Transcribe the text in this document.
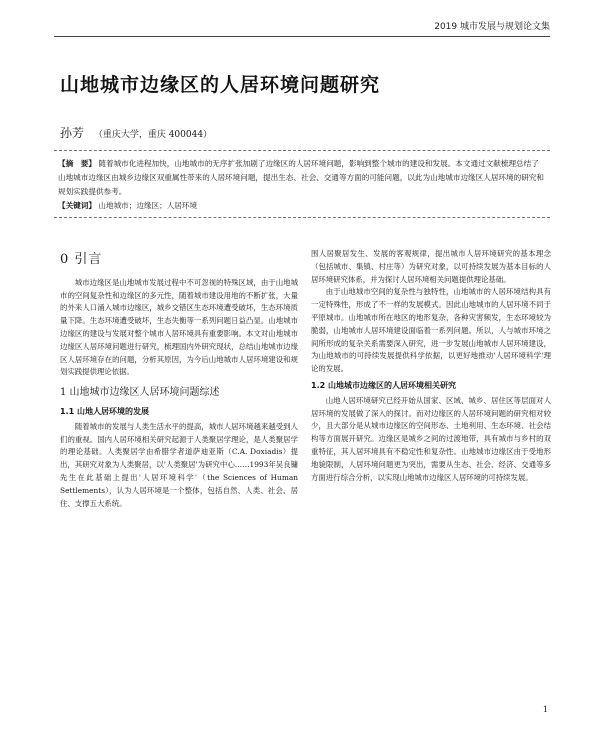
2019 城市发展与规划论文集
山地城市边缘区的人居环境问题研究
孙芳 （重庆大学，重庆 400044）

【摘　要】 随着城市化进程加快，山地城市的无序扩张加剧了边缘区的人居环境问题，影响到整个城市的建设和发展。本文通过文献梳理总结了山地城市边缘区由城乡边缘区双重属性带来的人居环境问题，提出生态、社会、交通等方面的可能问题，以此为山地城市边缘区人居环境的研究和规划实践提供参考。

【关键词】 山地城市；边缘区；人居环境

0 引言

城市边缘区是山地城市发展过程中不可忽视的特殊区域，由于山地城市的空间复杂性和边缘区的多元性，随着城市建设用地的不断扩张，大量的外来人口涌入城市边缘区，城乡交错区生态环境遭受破坏，生态环境质量下降。生态环境遭受破坏，生态失衡等一系列问题日益凸显。山地城市边缘区的建设与发展对整个城市人居环境具有重要影响。本文对山地城市边缘区人居环境问题进行研究，梳理国内外研究现状，总结山地城市边缘区人居环境存在的问题，分析其原因，为今后山地城市人居环境建设和规划实践提供理论依据。

1 山地城市边缘区人居环境问题综述
1.1 山地人居环境的发展

随着城市的发展与人类生活水平的提高，城市人居环境越来越受到人们的重视。国内人居环境相关研究起源于人类聚居学理论，是人类聚居学的理论基础。人类聚居学由希腊学者道萨迪亚斯（C.A. Doxiadis）提出，其研究对象为人类聚居，以'人类聚居'为研究中心……1993年吴良镛先生在此基础上提出'人居环境科学'（the Sciences of Human Settlements），认为人居环境是一个整体，包括自然、人类、社会、居住、支撑五大系统。

围人居聚居发生、发展的客观规律，提出城市人居环境研究的基本理念（包括城市、集镇、村庄等）为研究对象，以可持续发展为基本目标的人居环境研究体系，并为探讨人居环境相关问题提供理论基础。

由于山地城市空间的复杂性与独特性，山地城市的人居环境结构具有一定特殊性，形成了不一样的发展模式。因此山地城市的人居环境不同于平原城市。山地城市所在地区的地形复杂，各种灾害频发，生态环境较为脆弱，山地城市人居环境建设面临着一系列问题。所以，人与城市环境之间所形成的复杂关系需要深入研究，进一步发展山地城市人居环境建设，为山地城市的可持续发展提供科学依据，以更好地推动'人居环境科学'理论的发展。

1.2 山地城市边缘区的人居环境相关研究

山地人居环境研究已经开始从国家、区域、城乡、居住区等层面对人居环境的发展做了深入的探讨。而对边缘区的人居环境问题的研究相对较少，且大部分是从城市边缘区的空间形态、土地利用、生态环境、社会结构等方面展开研究。边缘区是城乡之间的过渡地带，具有城市与乡村的双重特征，其人居环境具有不稳定性和复杂性。山地城市边缘区由于受地形地貌限制，人居环境问题更为突出，需要从生态、社会、经济、交通等多方面进行综合分析，以实现山地城市边缘区人居环境的可持续发展。

1
